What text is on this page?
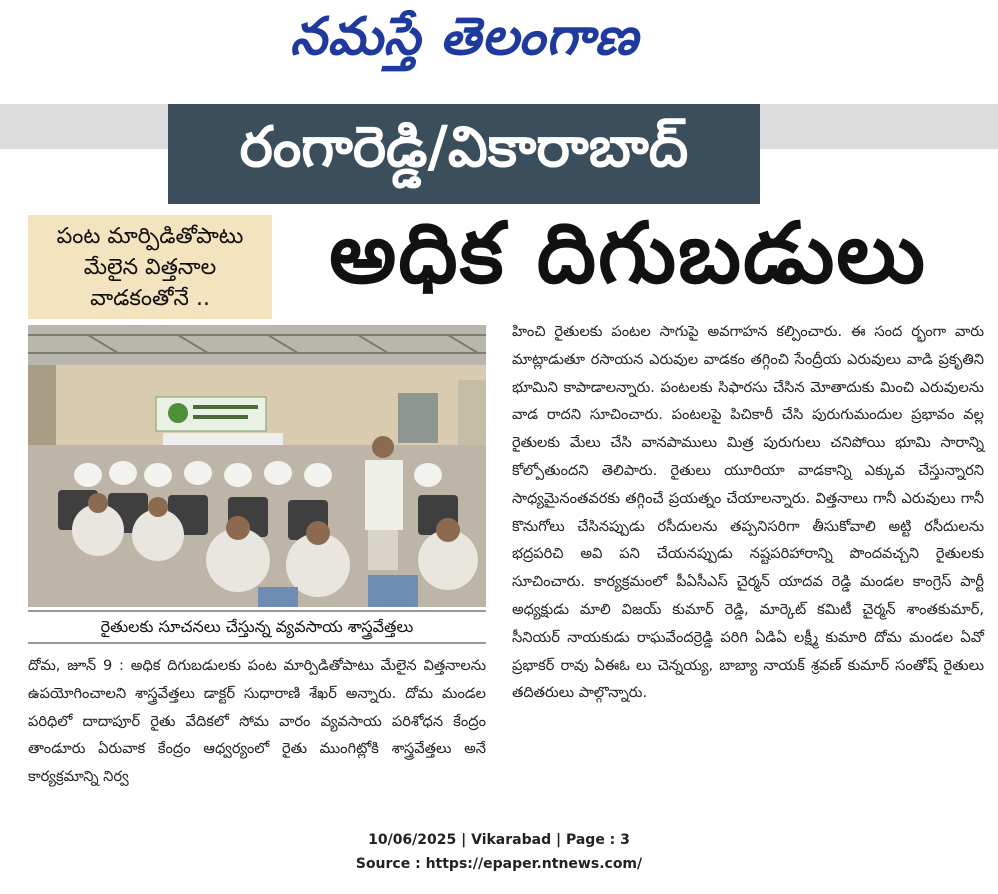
నమస్తే తెలంగాణ
రంగారెడ్డి/వికారాబాద్
పంట మార్పిడితోపాటు
మేలైన విత్తనాల
వాడకంతోనే ..	అధిక దిగుబడులు
రైతులకు సూచనలు చేస్తున్న వ్యవసాయ శాస్త్రవేత్తలు

దోమ, జూన్ 9 : అధిక దిగుబడులకు పంట మార్పిడితోపాటు మేలైన విత్తనాలను ఉపయోగించాలని శాస్త్రవేత్తలు డాక్టర్ సుధారాణి శేఖర్ అన్నారు. దోమ మండల పరిధిలో దాదాపూర్ రైతు వేదికలో సోమ వారం వ్యవసాయ పరిశోధన కేంద్రం తాండూరు ఏరువాక కేంద్రం ఆధ్వర్యంలో రైతు ముంగిట్లోకి శాస్త్రవేత్తలు అనే కార్యక్రమాన్ని నిర్వ

హించి రైతులకు పంటల సాగుపై అవగాహన కల్పించారు. ఈ సంద ర్భంగా వారు మాట్లాడుతూ రసాయన ఎరువుల వాడకం తగ్గించి సేంద్రీయ ఎరువులు వాడి ప్రకృతిని భూమిని కాపాడాలన్నారు. పంటలకు సిఫారసు చేసిన మోతాదుకు మించి ఎరువులను వాడ రాదని సూచించారు. పంటలపై పిచికారీ చేసి పురుగుమందుల ప్రభావం వల్ల రైతులకు మేలు చేసి వానపాములు మిత్ర పురుగులు చనిపోయి భూమి సారాన్ని కోల్పోతుందని తెలిపారు. రైతులు యూరియా వాడకాన్ని ఎక్కువ చేస్తున్నారని సాధ్యమైనంతవరకు తగ్గించే ప్రయత్నం చేయాలన్నారు. విత్తనాలు గానీ ఎరువులు గానీ కొనుగోలు చేసినప్పుడు రసీదులను తప్పనిసరిగా తీసుకోవాలి అట్టి రసీదులను భద్రపరిచి అవి పని చేయనప్పుడు నష్టపరిహారాన్ని పొందవచ్చని రైతులకు సూచించారు. కార్యక్రమంలో పీఏసీఎస్ చైర్మన్ యాదవ రెడ్డి మండల కాంగ్రెస్ పార్టీ అధ్యక్షుడు మాలి విజయ్ కుమార్ రెడ్డి, మార్కెట్ కమిటీ చైర్మన్ శాంతకుమార్, సీనియర్ నాయకుడు రాఘవేందర్రెడ్డి పరిగి ఏడిఏ లక్ష్మీ కుమారి దోమ మండల ఏవో ప్రభాకర్ రావు ఏఈఓ లు చెన్నయ్య, బాబ్యా నాయక్ శ్రవణ్ కుమార్ సంతోష్ రైతులు తదితరులు పాల్గొన్నారు.

10/06/2025 | Vikarabad | Page : 3
Source : https://epaper.ntnews.com/
